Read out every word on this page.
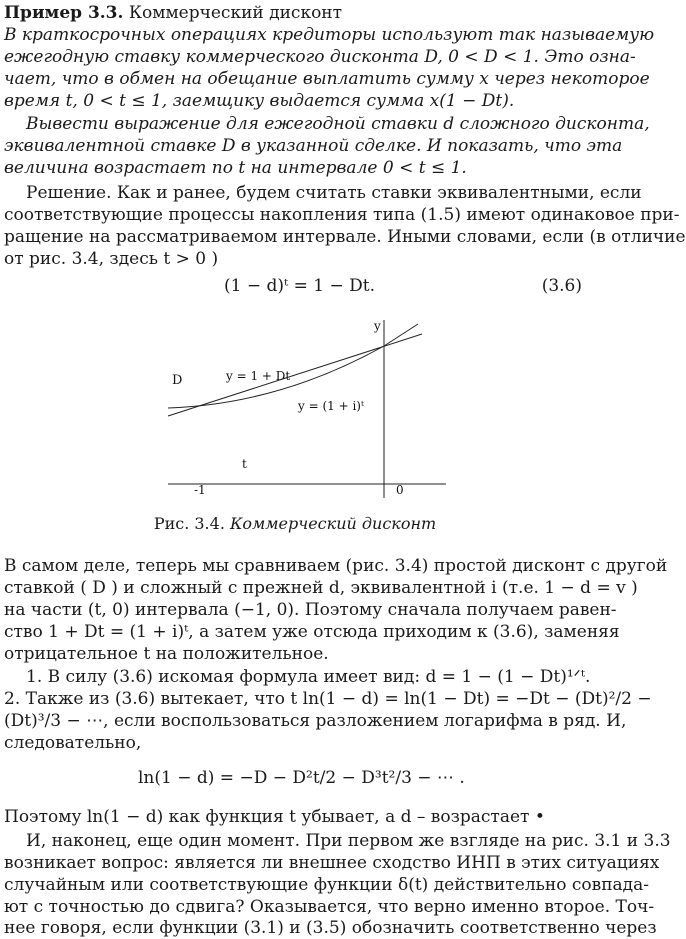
Пример 3.3. Коммерческий дисконт
В краткосрочных операциях кредиторы используют так называемую
ежегодную ставку коммерческого дисконта D, 0 < D < 1. Это озна-
чает, что в обмен на обещание выплатить сумму x через некоторое
время t, 0 < t ≤ 1, заемщику выдается сумма x(1 − Dt).
Вывести выражение для ежегодной ставки d сложного дисконта,
эквивалентной ставке D в указанной сделке. И показать, что эта
величина возрастает по t на интервале 0 < t ≤ 1.
Решение. Как и ранее, будем считать ставки эквивалентными, если
соответствующие процессы накопления типа (1.5) имеют одинаковое при-
ращение на рассматриваемом интервале. Иными словами, если (в отличие
от рис. 3.4, здесь t > 0 )
(1 − d)ᵗ = 1 − Dt.	(3.6)
y
D	y = 1 + Dt
y = (1 + i)ᵗ
t
-1	0
Рис. 3.4. Коммерческий дисконт
В самом деле, теперь мы сравниваем (рис. 3.4) простой дисконт с другой
ставкой ( D ) и сложный с прежней d, эквивалентной i (т.е. 1 − d = v )
на части (t, 0) интервала (−1, 0). Поэтому сначала получаем равен-
ство 1 + Dt = (1 + i)ᵗ, а затем уже отсюда приходим к (3.6), заменяя
отрицательное t на положительное.
1. В силу (3.6) искомая формула имеет вид: d = 1 − (1 − Dt)¹ᐟᵗ.
2. Также из (3.6) вытекает, что t ln(1 − d) = ln(1 − Dt) = −Dt − (Dt)²/2 −
(Dt)³/3 − ⋯, если воспользоваться разложением логарифма в ряд. И,
следовательно,
ln(1 − d) = −D − D²t/2 − D³t²/3 − ⋯ .
Поэтому ln(1 − d) как функция t убывает, а d – возрастает •
И, наконец, еще один момент. При первом же взгляде на рис. 3.1 и 3.3
возникает вопрос: является ли внешнее сходство ИНП в этих ситуациях
случайным или соответствующие функции δ(t) действительно совпада-
ют с точностью до сдвига? Оказывается, что верно именно второе. Точ-
нее говоря, если функции (3.1) и (3.5) обозначить соответственно через
